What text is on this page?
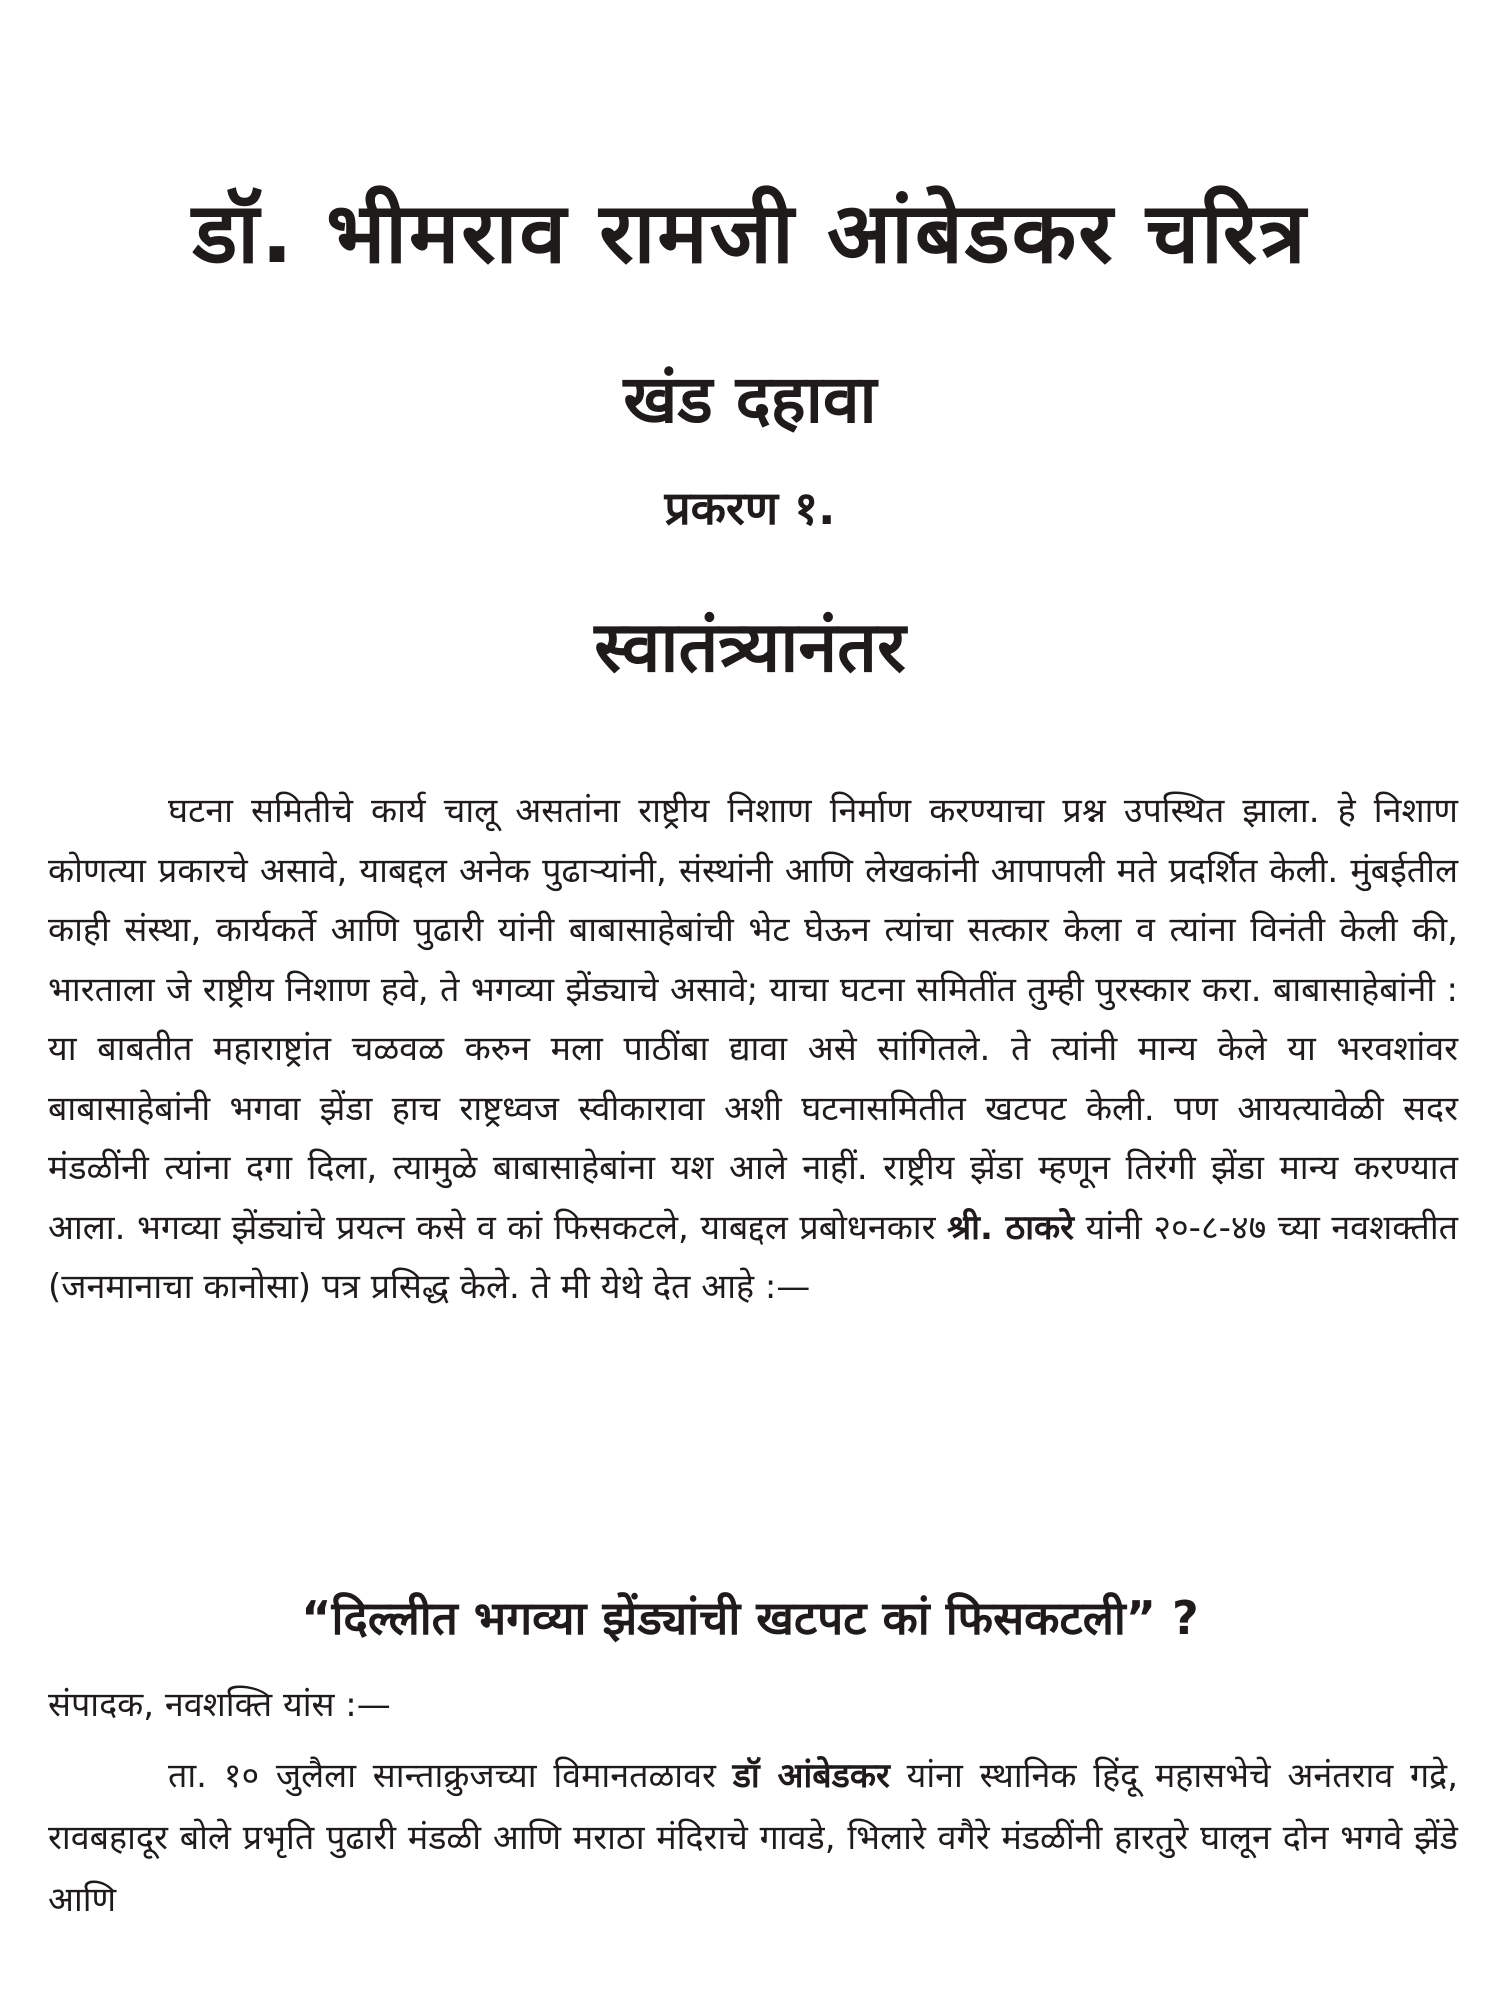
डॉ. भीमराव रामजी आंबेडकर चरित्र
खंड दहावा
प्रकरण १.
स्वातंत्र्यानंतर

घटना समितीचे कार्य चालू असतांना राष्ट्रीय निशाण निर्माण करण्याचा प्रश्न उपस्थित झाला. हे निशाण कोणत्या प्रकारचे असावे, याबद्दल अनेक पुढाऱ्यांनी, संस्थांनी आणि लेखकांनी आपापली मते प्रदर्शित केली. मुंबईतील काही संस्था, कार्यकर्ते आणि पुढारी यांनी बाबासाहेबांची भेट घेऊन त्यांचा सत्कार केला व त्यांना विनंती केली की, भारताला जे राष्ट्रीय निशाण हवे, ते भगव्या झेंड्याचे असावे; याचा घटना समितींत तुम्ही पुरस्कार करा. बाबासाहेबांनी : या बाबतीत महाराष्ट्रांत चळवळ करुन मला पाठींबा द्यावा असे सांगितले. ते त्यांनी मान्य केले या भरवशांवर बाबासाहेबांनी भगवा झेंडा हाच राष्ट्रध्वज स्वीकारावा अशी घटनासमितीत खटपट केली. पण आयत्यावेळी सदर मंडळींनी त्यांना दगा दिला, त्यामुळे बाबासाहेबांना यश आले नाहीं. राष्ट्रीय झेंडा म्हणून तिरंगी झेंडा मान्य करण्यात आला. भगव्या झेंड्यांचे प्रयत्न कसे व कां फिसकटले, याबद्दल प्रबोधनकार श्री. ठाकरे यांनी २०-८-४७ च्या नवशक्तीत (जनमानाचा कानोसा) पत्र प्रसिद्ध केले. ते मी येथे देत आहे :—

“दिल्लीत भगव्या झेंड्यांची खटपट कां फिसकटली” ?
संपादक, नवशक्ति यांस :—

ता. १० जुलैला सान्ताक्रुजच्या विमानतळावर डॉ आंबेडकर यांना स्थानिक हिंदू महासभेचे अनंतराव गद्रे, रावबहादूर बोले प्रभृति पुढारी मंडळी आणि मराठा मंदिराचे गावडे, भिलारे वगैरे मंडळींनी हारतुरे घालून दोन भगवे झेंडे आणि
